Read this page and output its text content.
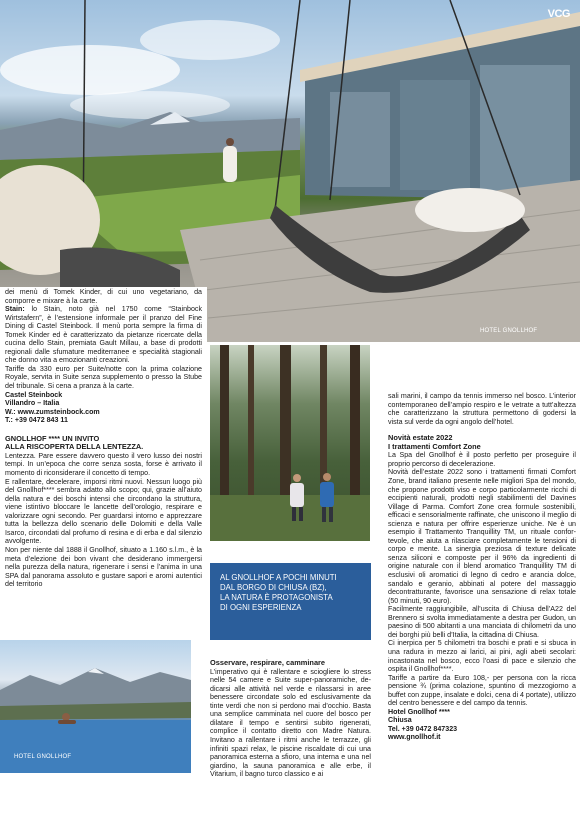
VCG
HOTEL GNOLLHOF

dei menù di Tomek Kinder, di cui uno vegetariano, da comporre e mixare à la carte.

Stain: lo Stain, noto già nel 1750 come “Stainbock Wirtstafern”, è l’estensione informale per il pranzo del Fine Dining di Castel Steinbock. Il menù porta sempre la firma di Tomek Kinder ed è caratterizzato da pietanze ricercate della cucina dello Stain, premiata Gault Millau, a base di prodotti regionali dalle sfumature mediterranee e specialità stagionali che donno vita a emozionanti creazioni.

Tariffe da 330 euro per Suite/notte con la prima colazione Royale, servita in Suite senza supplemento o presso la Stube del tribunale. Si cena a pranza à la carte.

Castel Steinbock

Villandro – Italia

W.: www.zumsteinbock.com

T.: +39 0472 843 11

GNOLLHOF **** UN INVITO

ALLA RISCOPERTA DELLA LENTEZZA.

Lentezza. Pare essere davvero questo il vero lusso dei nostri tempi. In un’epoca che corre senza sosta, forse è arrivato il momento di riconsiderare il concetto di tempo.

E rallentare, decelerare, imporsi ritmi nuovi. Nessun luogo più del Gnollhof**** sembra adatto allo scopo; qui, grazie all’aiuto della natura e dei boschi intensi che circondano la struttura, viene istintivo bloccare le lancette dell’orologio, respirare e valorizzare ogni secondo. Per guardarsi intorno e apprezzare tutta la bellezza dello scenario delle Dolomiti e della Valle Isarco, circondati dal profumo di resina e di erba e dal silenzio avvolgente.

Non per niente dal 1888 il Gnollhof, situato a 1.160 s.l.m., è la meta d’elezione dei bon vivant che desiderano immergersi nella purezza della natura, rigenerare i sensi e l’anima in una SPA dal panorama assoluto e gustare sapori e aromi autentici del territorio

AL GNOLLHOF A POCHI MINUTI
DAL BORGO DI CHIUSA (BZ),
LA NATURA È PROTAGONISTA
DI OGNI ESPERIENZA

Osservare, respirare, camminare

L’imperativo qui è rallentare e sciogliere lo stress nelle 54 camere e Suite super-panoramiche, dedicarsi alle attività nel verde e rilassarsi in aree benessere circondate solo ed esclusivamente da tinte verdi che non si perdono mai d’occhio. Basta una semplice camminata nel cuore del bosco per dilatare il tempo e sentirsi subito rigenerati, complice il contatto diretto con Madre Natura. Invitano a rallentare i ritmi anche le terrazze, gli infiniti spazi relax, le piscine riscaldate di cui una panoramica esterna a sfioro, una interna e una nel giardino, la sauna panoramica e alle erbe, il Vitarium, il bagno turco classico e ai

sali marini, il campo da tennis immerso nel bosco. L’interior contemporaneo dell’ampio respiro e le vetrate a tutt’altezza che caratterizzano la struttura permettono di godersi la vista sul verde da ogni angolo dell’hotel.

Novità estate 2022

I trattamenti Comfort Zone

La Spa del Gnollhof è il posto perfetto per proseguire il proprio percorso di decelerazione.

Novità dell’estate 2022 sono i trattamenti firmati Comfort Zone, brand italiano presente nelle migliori Spa del mondo, che propone prodotti viso e corpo particolarmente ricchi di eccipienti naturali, prodotti negli stabilimenti del Davines Village di Parma. Comfort Zone crea formule sostenibili, efficaci e sensorialmente raffinate, che uniscono il meglio di scienza e natura per offrire esperienze uniche. Ne è un esempio il Trattamento Tranquillity TM, un rituale confortevole, che aiuta a rilasciare completamente le tensioni di corpo e mente. La sinergia preziosa di texture delicate senza siliconi e composte per il 96% da ingredienti di origine naturale con il blend aromatico Tranquillity TM di esclusivi oli aromatici di legno di cedro e arancia dolce, sandalo e geranio, abbinati al potere del massaggio decontratturante, favorisce una sensazione di relax totale (50 minuti, 90 euro).

Facilmente raggiungibile, all’uscita di Chiusa dell’A22 del Brennero si svolta immediatamente a destra per Gudon, un paesino di 500 abitanti a una manciata di chilometri da uno dei borghi più belli d’Italia, la cittadina di Chiusa.

Ci inerpica per 5 chilometri tra boschi e prati e si sbuca in una radura in mezzo ai larici, ai pini, agli abeti secolari: incastonata nel bosco, ecco l’oasi di pace e silenzio che ospita il Gnollhof****.

Tariffe a partire da Euro 108,- per persona con la ricca pensione ¾ (prima colazione, spuntino di mezzogiorno a buffet con zuppe, insalate e dolci, cena di 4 portate), utilizzo del centro benessere e del campo da tennis.

Hotel Gnollhof ****

Chiusa

Tel. +39 0472 847323

www.gnollhof.it

HOTEL GNOLLHOF
